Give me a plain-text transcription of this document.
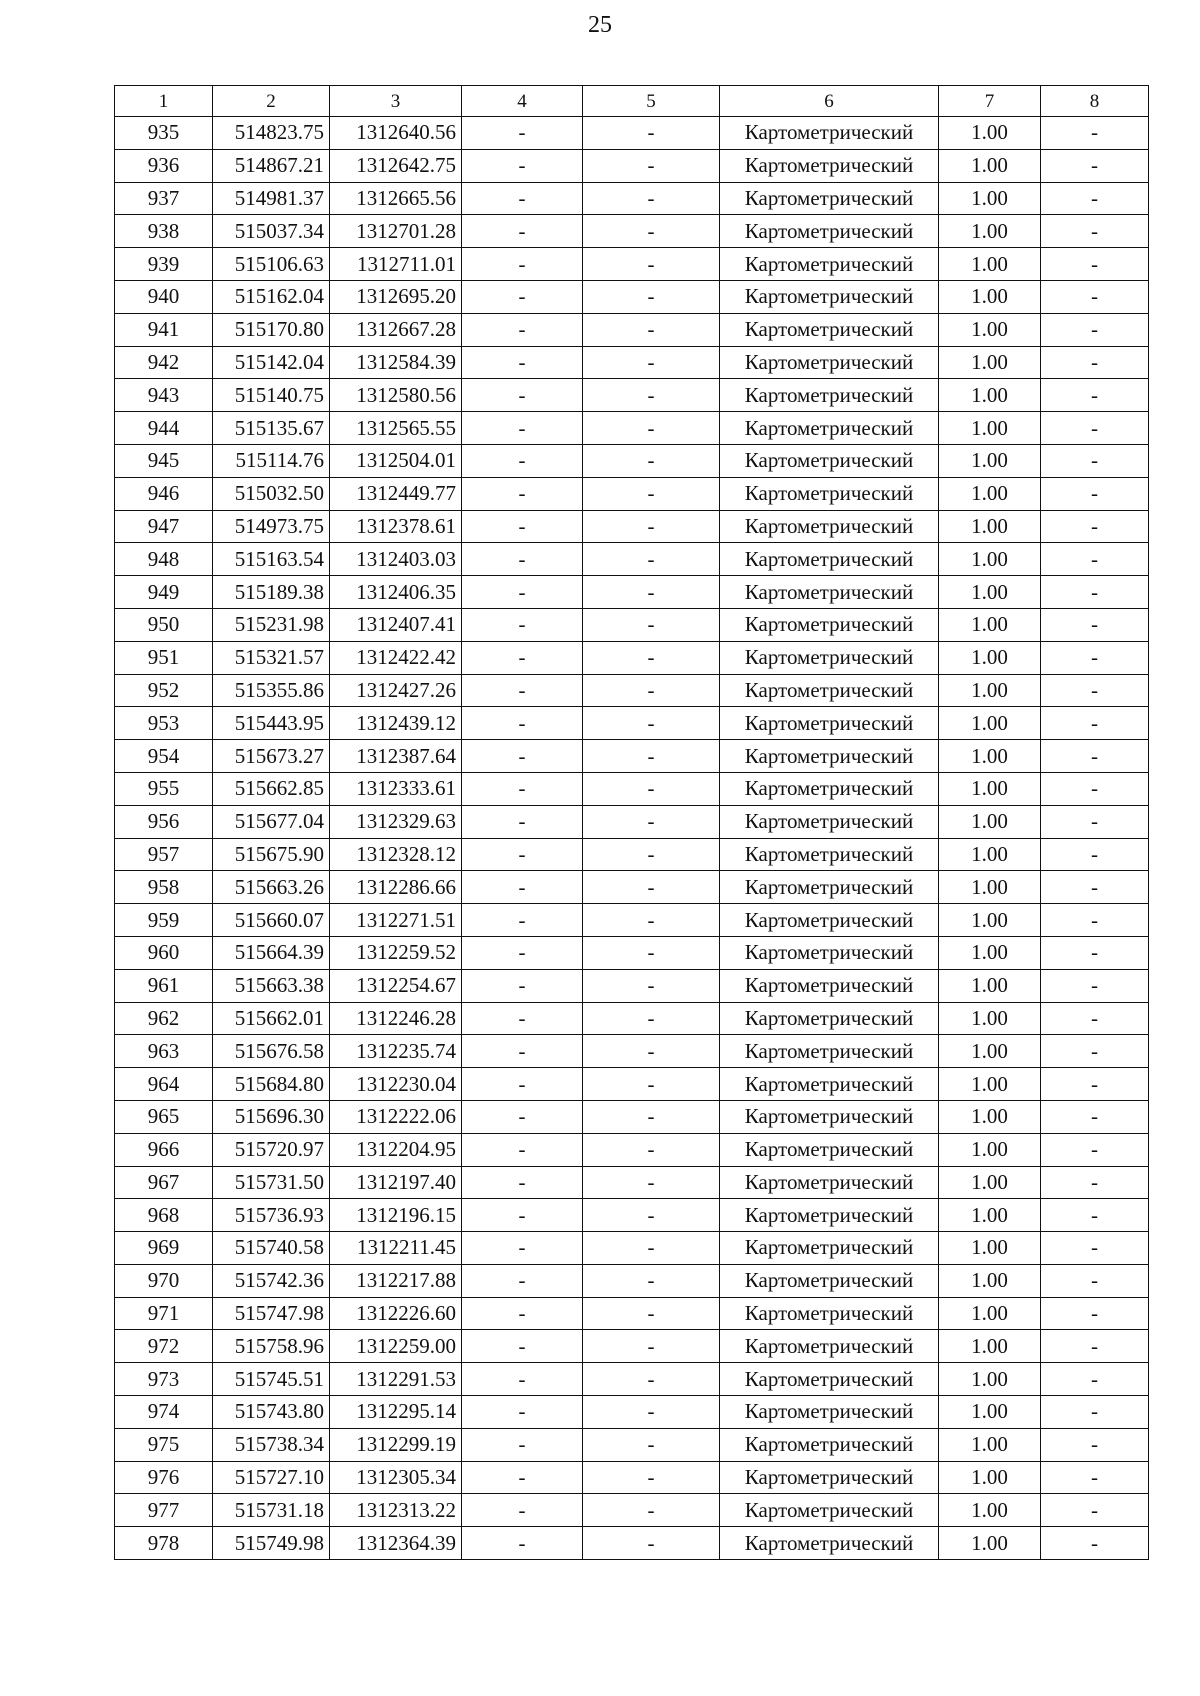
25
1	2	3	4	5	6	7	8
935	514823.75	1312640.56	-	-	Картометрический	1.00	-
936	514867.21	1312642.75	-	-	Картометрический	1.00	-
937	514981.37	1312665.56	-	-	Картометрический	1.00	-
938	515037.34	1312701.28	-	-	Картометрический	1.00	-
939	515106.63	1312711.01	-	-	Картометрический	1.00	-
940	515162.04	1312695.20	-	-	Картометрический	1.00	-
941	515170.80	1312667.28	-	-	Картометрический	1.00	-
942	515142.04	1312584.39	-	-	Картометрический	1.00	-
943	515140.75	1312580.56	-	-	Картометрический	1.00	-
944	515135.67	1312565.55	-	-	Картометрический	1.00	-
945	515114.76	1312504.01	-	-	Картометрический	1.00	-
946	515032.50	1312449.77	-	-	Картометрический	1.00	-
947	514973.75	1312378.61	-	-	Картометрический	1.00	-
948	515163.54	1312403.03	-	-	Картометрический	1.00	-
949	515189.38	1312406.35	-	-	Картометрический	1.00	-
950	515231.98	1312407.41	-	-	Картометрический	1.00	-
951	515321.57	1312422.42	-	-	Картометрический	1.00	-
952	515355.86	1312427.26	-	-	Картометрический	1.00	-
953	515443.95	1312439.12	-	-	Картометрический	1.00	-
954	515673.27	1312387.64	-	-	Картометрический	1.00	-
955	515662.85	1312333.61	-	-	Картометрический	1.00	-
956	515677.04	1312329.63	-	-	Картометрический	1.00	-
957	515675.90	1312328.12	-	-	Картометрический	1.00	-
958	515663.26	1312286.66	-	-	Картометрический	1.00	-
959	515660.07	1312271.51	-	-	Картометрический	1.00	-
960	515664.39	1312259.52	-	-	Картометрический	1.00	-
961	515663.38	1312254.67	-	-	Картометрический	1.00	-
962	515662.01	1312246.28	-	-	Картометрический	1.00	-
963	515676.58	1312235.74	-	-	Картометрический	1.00	-
964	515684.80	1312230.04	-	-	Картометрический	1.00	-
965	515696.30	1312222.06	-	-	Картометрический	1.00	-
966	515720.97	1312204.95	-	-	Картометрический	1.00	-
967	515731.50	1312197.40	-	-	Картометрический	1.00	-
968	515736.93	1312196.15	-	-	Картометрический	1.00	-
969	515740.58	1312211.45	-	-	Картометрический	1.00	-
970	515742.36	1312217.88	-	-	Картометрический	1.00	-
971	515747.98	1312226.60	-	-	Картометрический	1.00	-
972	515758.96	1312259.00	-	-	Картометрический	1.00	-
973	515745.51	1312291.53	-	-	Картометрический	1.00	-
974	515743.80	1312295.14	-	-	Картометрический	1.00	-
975	515738.34	1312299.19	-	-	Картометрический	1.00	-
976	515727.10	1312305.34	-	-	Картометрический	1.00	-
977	515731.18	1312313.22	-	-	Картометрический	1.00	-
978	515749.98	1312364.39	-	-	Картометрический	1.00	-
